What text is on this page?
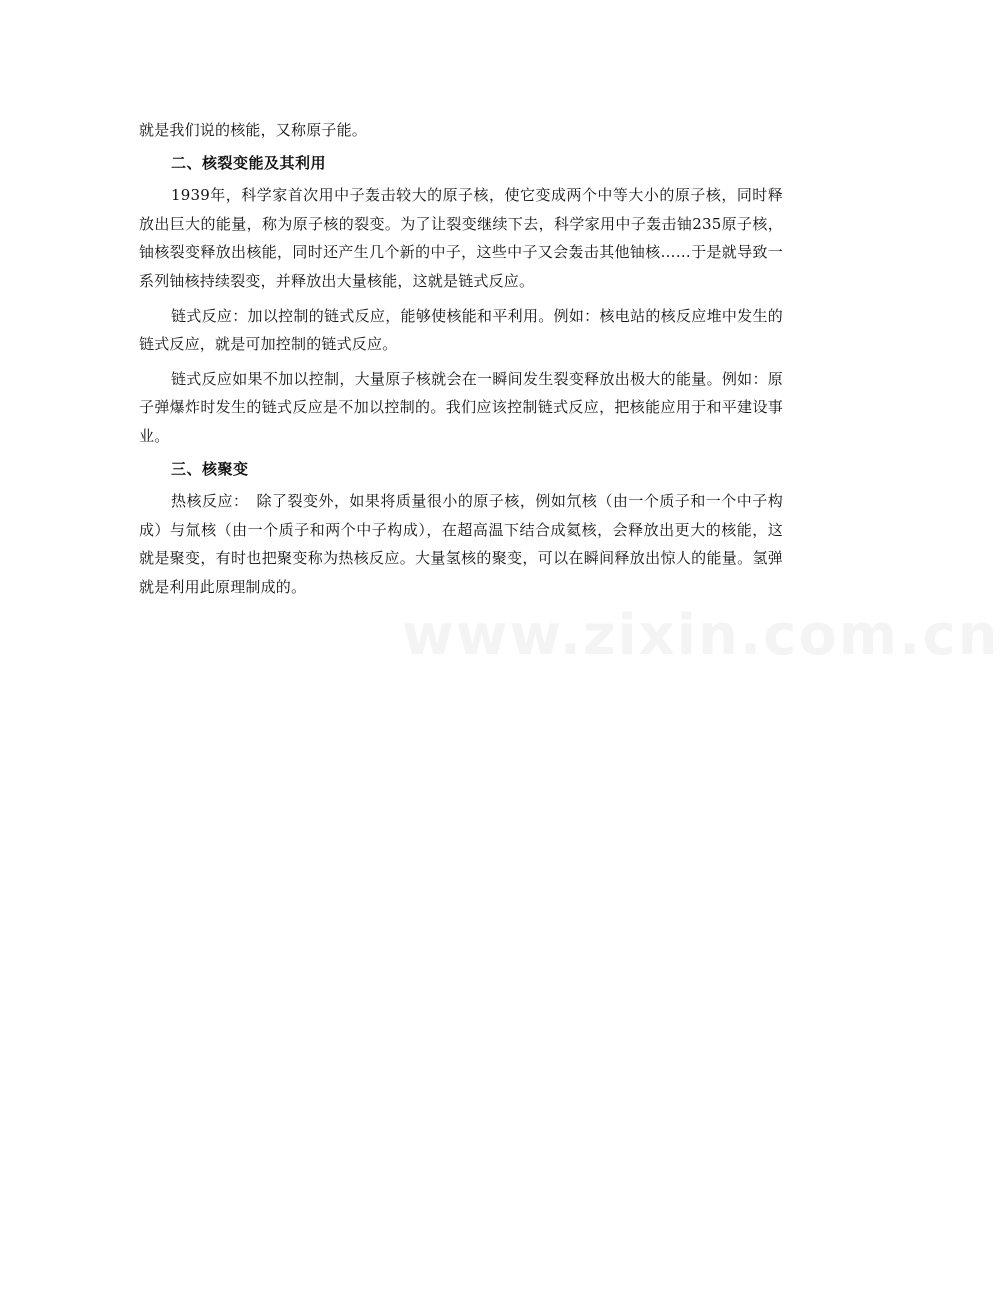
就是我们说的核能，又称原子能。

二、核裂变能及其利用

1939年，科学家首次用中子轰击较大的原子核，使它变成两个中等大小的原子核，同时释放出巨大的能量，称为原子核的裂变。为了让裂变继续下去，科学家用中子轰击铀235原子核，铀核裂变释放出核能，同时还产生几个新的中子，这些中子又会轰击其他铀核……于是就导致一系列铀核持续裂变，并释放出大量核能，这就是链式反应。

链式反应：加以控制的链式反应，能够使核能和平利用。例如：核电站的核反应堆中发生的链式反应，就是可加控制的链式反应。

链式反应如果不加以控制，大量原子核就会在一瞬间发生裂变释放出极大的能量。例如：原子弹爆炸时发生的链式反应是不加以控制的。我们应该控制链式反应，把核能应用于和平建设事业。

三、核聚变

热核反应：　除了裂变外，如果将质量很小的原子核，例如氘核（由一个质子和一个中子构成）与氚核（由一个质子和两个中子构成），在超高温下结合成氦核，会释放出更大的核能，这就是聚变，有时也把聚变称为热核反应。大量氢核的聚变，可以在瞬间释放出惊人的能量。氢弹就是利用此原理制成的。

www.zixin.com.cn
